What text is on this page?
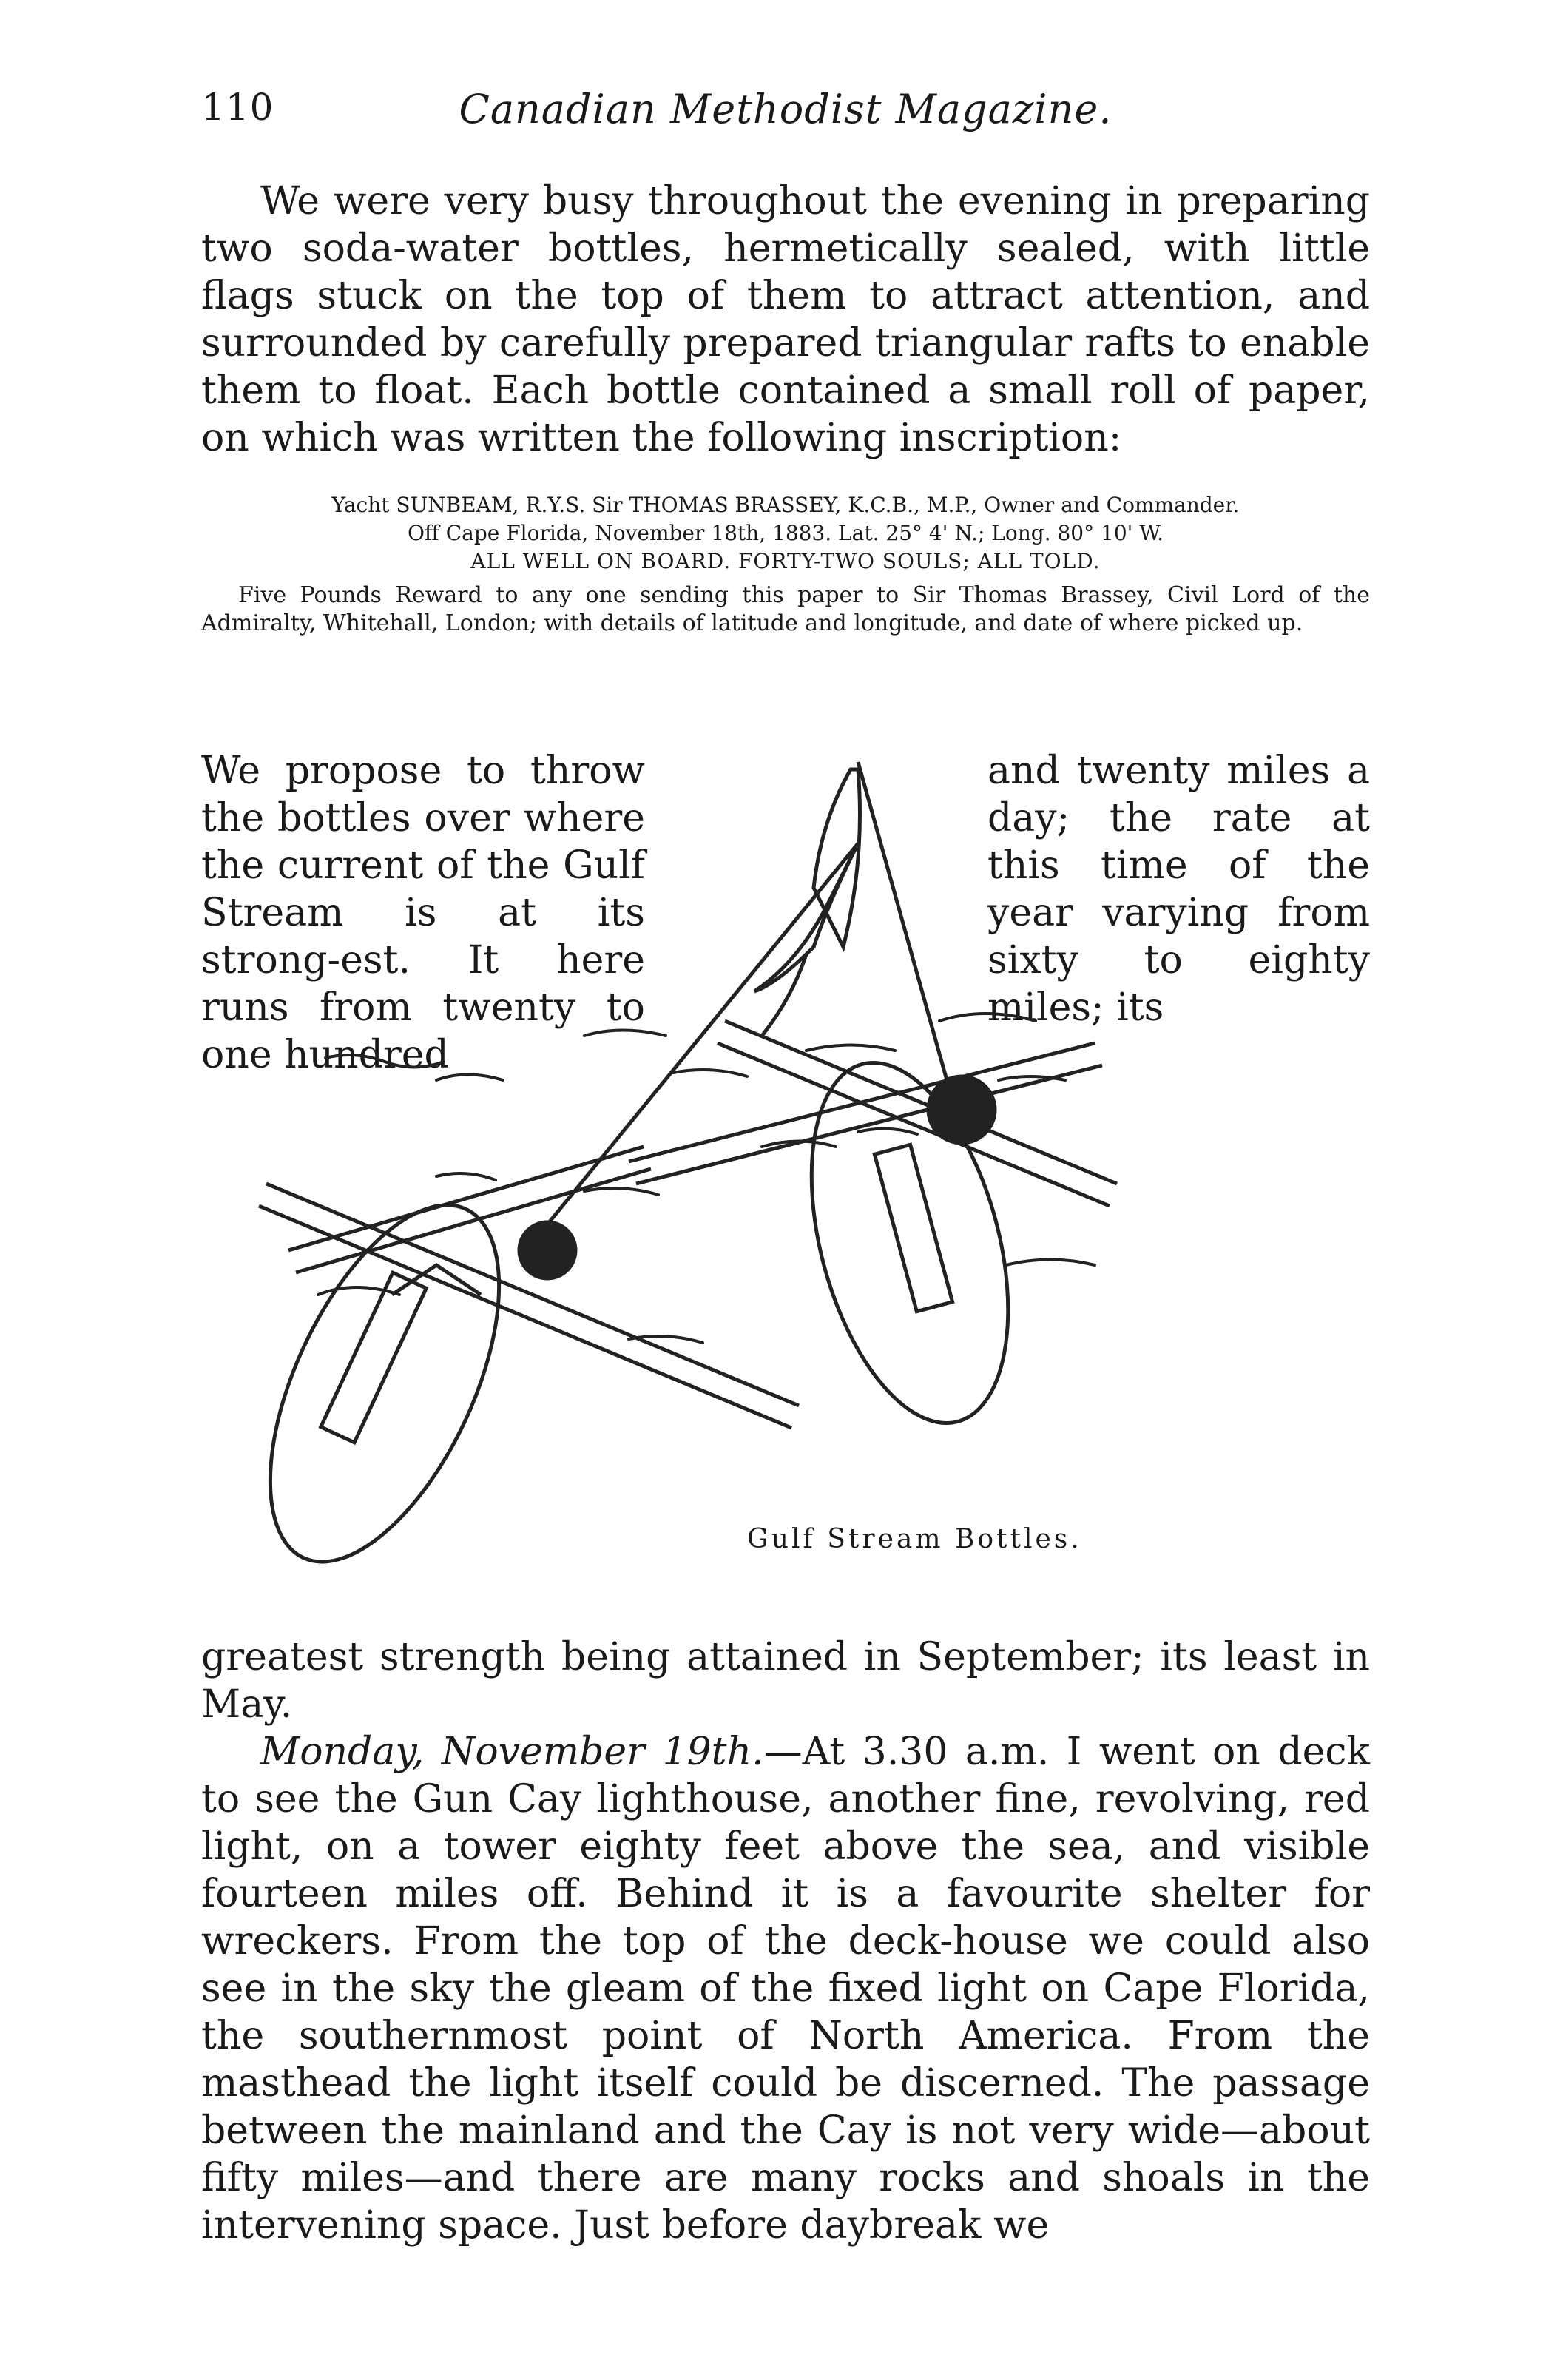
110	Canadian Methodist Magazine.

We were very busy throughout the evening in preparing two soda-water bottles, hermetically sealed, with little flags stuck on the top of them to attract attention, and surrounded by carefully prepared triangular rafts to enable them to float. Each bottle contained a small roll of paper, on which was written the following inscription:

Yacht SUNBEAM, R.Y.S. Sir THOMAS BRASSEY, K.C.B., M.P., Owner and Commander.
Off Cape Florida, November 18th, 1883. Lat. 25° 4' N.; Long. 80° 10' W.
ALL WELL ON BOARD. FORTY-TWO SOULS; ALL TOLD.
Five Pounds Reward to any one sending this paper to Sir Thomas Brassey, Civil Lord of the Admiralty, Whitehall, London; with details of latitude and longitude, and date of where picked up.
We propose to throw the bottles over where the current of the Gulf Stream is at its strong-est. It here runs from twenty to one hundred
and twenty miles a day; the rate at this time of the year varying from sixty to eighty miles; its
Gulf Stream Bottles.

greatest strength being attained in September; its least in May.

Monday, November 19th.—At 3.30 a.m. I went on deck to see the Gun Cay lighthouse, another fine, revolving, red light, on a tower eighty feet above the sea, and visible fourteen miles off. Behind it is a favourite shelter for wreckers. From the top of the deck-house we could also see in the sky the gleam of the fixed light on Cape Florida, the southernmost point of North America. From the masthead the light itself could be discerned. The passage between the mainland and the Cay is not very wide—about fifty miles—and there are many rocks and shoals in the intervening space. Just before daybreak we
